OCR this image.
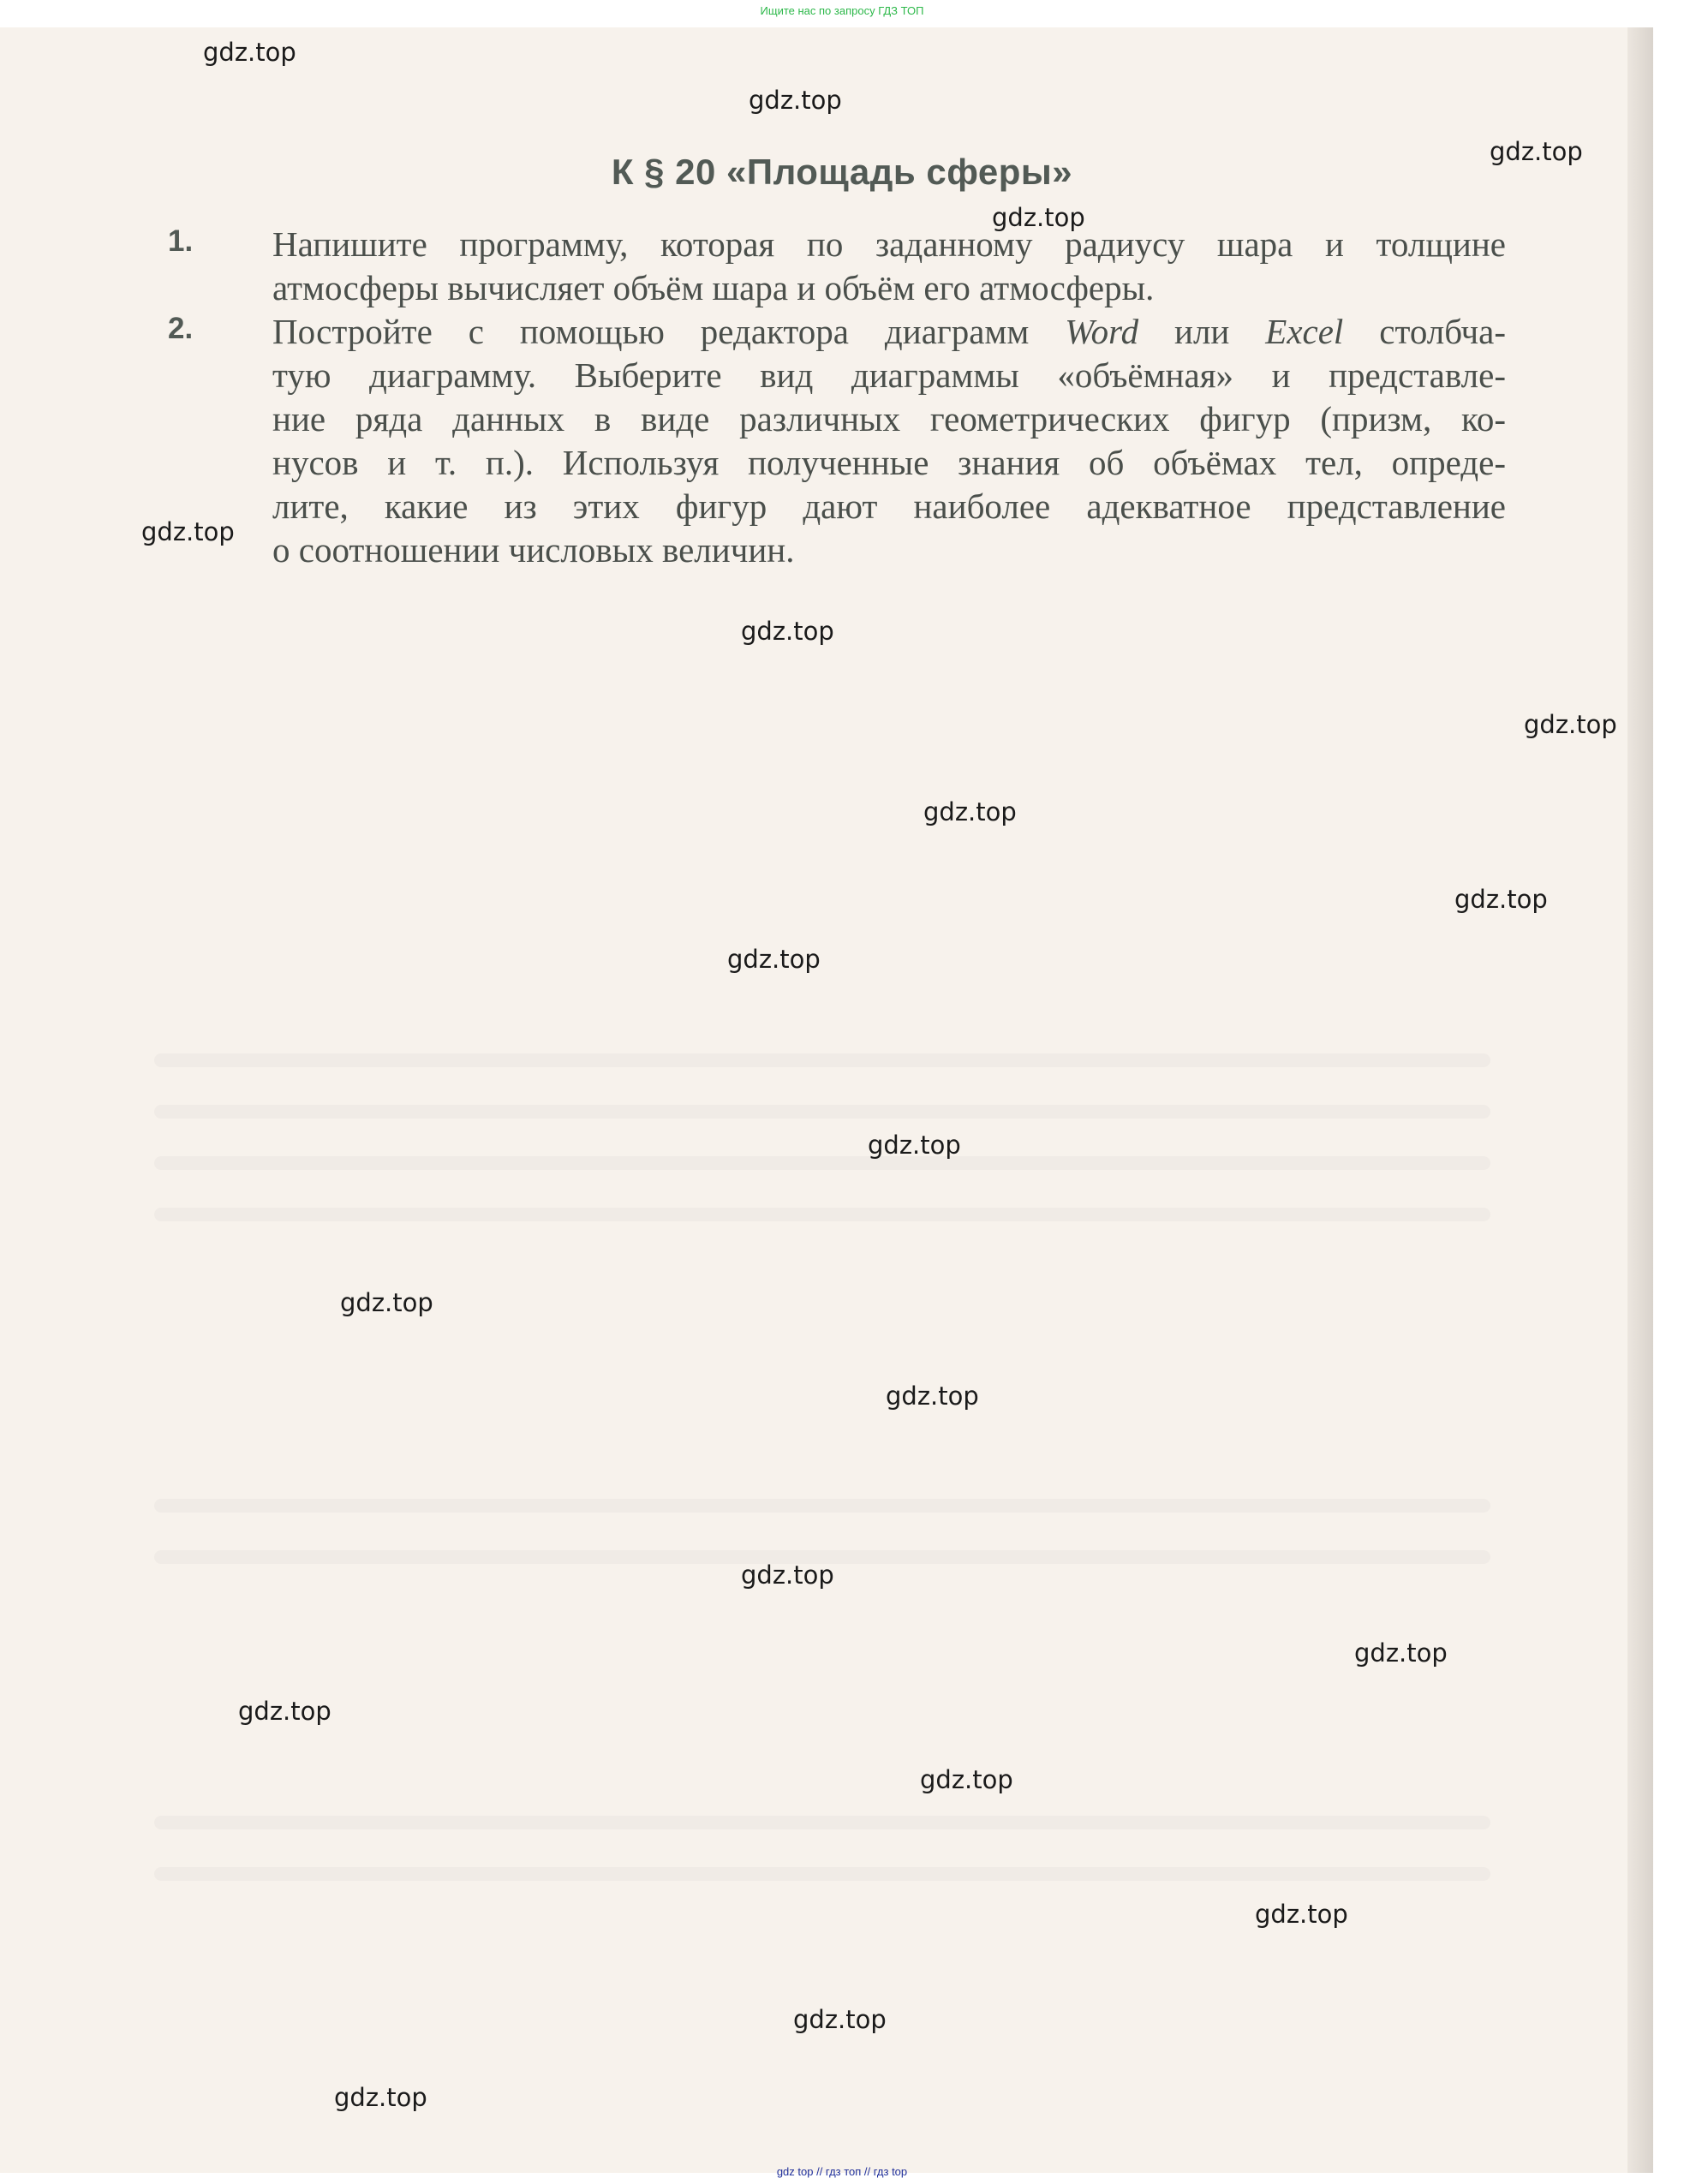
Ищите нас по запросу ГДЗ ТОП
К § 20 «Площадь сферы»
1. Напишите программу, которая по заданному радиусу шара и толщине
атмосферы вычисляет объём шара и объём его атмосферы.
2. Постройте с помощью редактора диаграмм Word или Excel столбча-
тую диаграмму. Выберите вид диаграммы «объёмная» и представле-
ние ряда данных в виде различных геометрических фигур (призм, ко-
нусов и т. п.). Используя полученные знания об объёмах тел, опреде-
лите, какие из этих фигур дают наиболее адекватное представление
о соотношении числовых величин.
gdz.top
gdz.top
gdz.top
gdz.top
gdz.top
gdz.top
gdz.top
gdz.top
gdz.top
gdz.top
gdz.top
gdz.top
gdz.top
gdz.top
gdz.top
gdz.top
gdz.top
gdz.top
gdz.top
gdz.top
gdz top // гдз топ // гдз top
